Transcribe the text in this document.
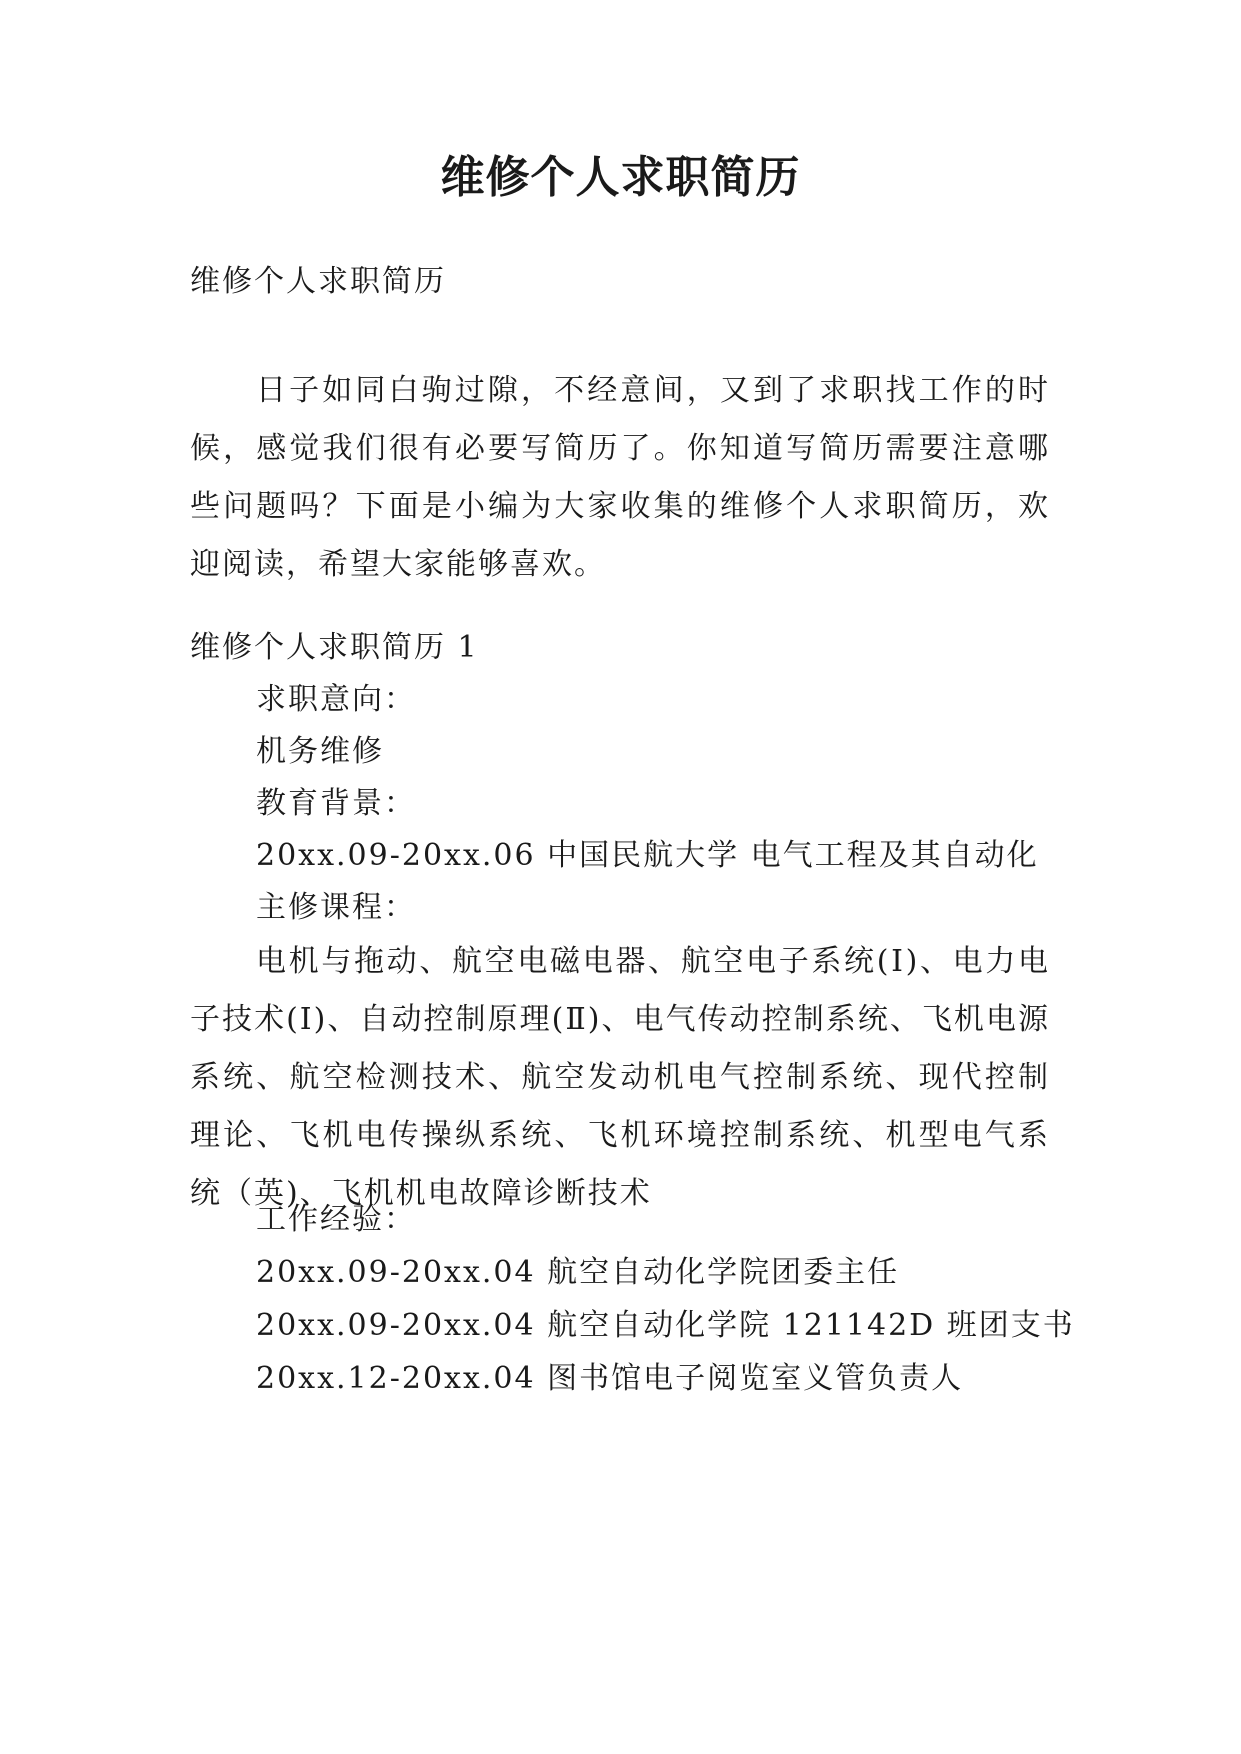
维修个人求职简历
维修个人求职简历
日子如同白驹过隙，不经意间，又到了求职找工作的时候，感觉我们很有必要写简历了。你知道写简历需要注意哪些问题吗？下面是小编为大家收集的维修个人求职简历，欢迎阅读，希望大家能够喜欢。
维修个人求职简历 1
求职意向：
机务维修
教育背景：
20xx.09-20xx.06 中国民航大学 电气工程及其自动化
主修课程：
电机与拖动、航空电磁电器、航空电子系统(Ⅰ)、电力电子技术(I)、自动控制原理(Ⅱ)、电气传动控制系统、飞机电源系统、航空检测技术、航空发动机电气控制系统、现代控制理论、飞机电传操纵系统、飞机环境控制系统、机型电气系统（英)、飞机机电故障诊断技术
工作经验：
20xx.09-20xx.04 航空自动化学院团委主任
20xx.09-20xx.04 航空自动化学院 121142D 班团支书
20xx.12-20xx.04 图书馆电子阅览室义管负责人
